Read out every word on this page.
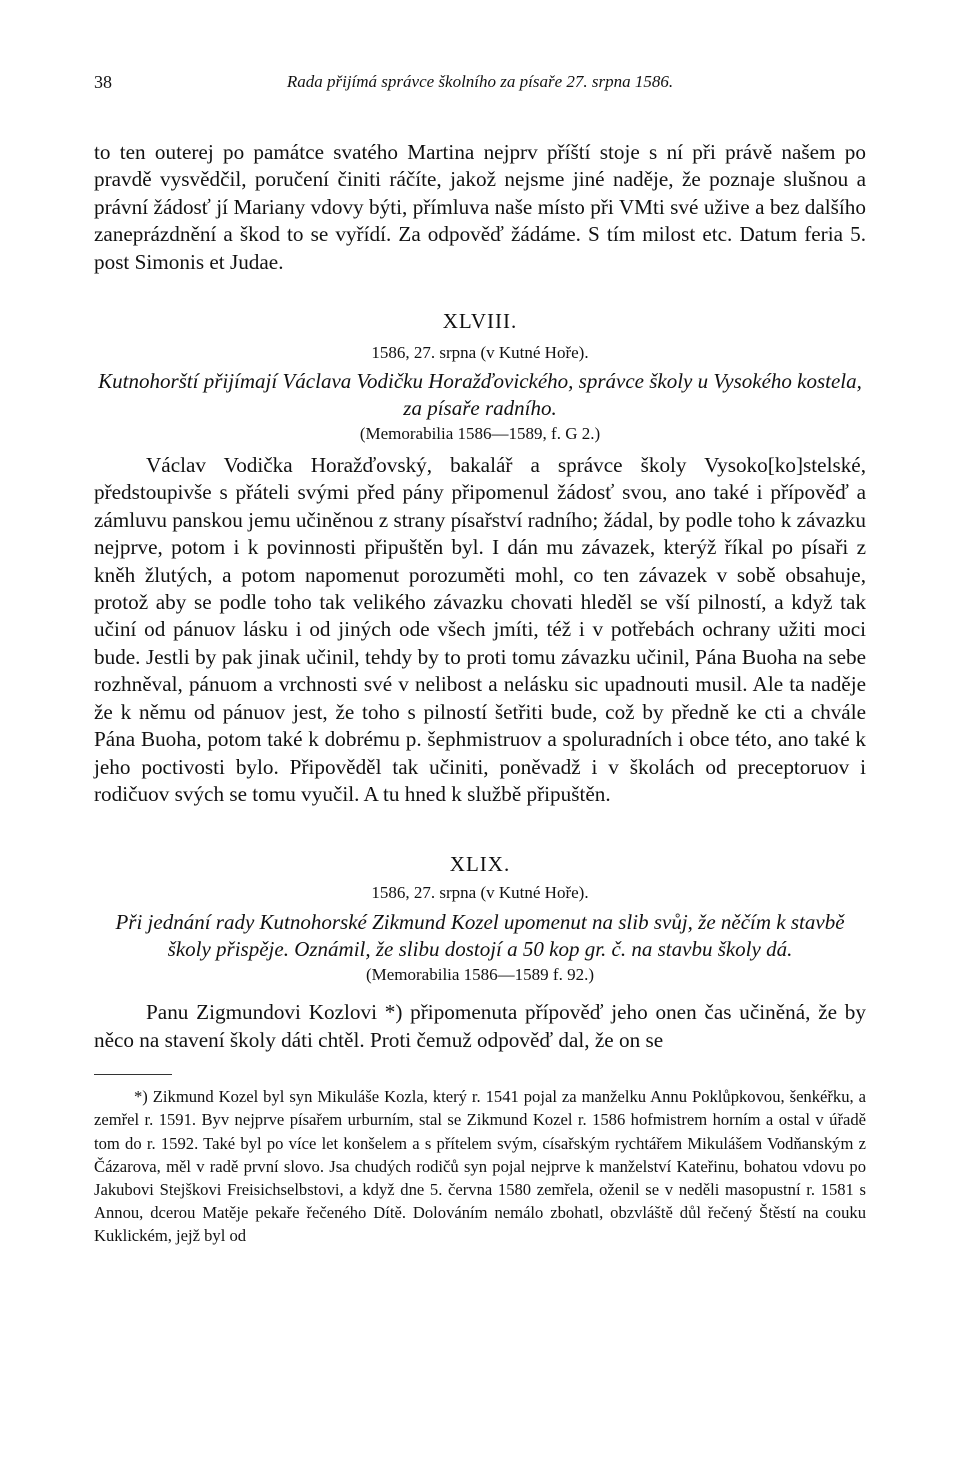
38	Rada přijímá správce školního za písaře 27. srpna 1586.

to ten outerej po památce svatého Martina nejprv příští stoje s ní při právě našem po pravdě vysvědčil, poručení činiti ráčíte, jakož nejsme jiné naděje, že poznaje slušnou a právní žádosť jí Mariany vdovy býti, přímluva naše místo při VMti své užive a bez dalšího zaneprázdnění a škod to se vyřídí. Za odpověď žádáme. S tím milost etc. Datum feria 5. post Simonis et Judae.

XLVIII.

1586, 27. srpna (v Kutné Hoře).

Kutnohorští přijímají Václava Vodičku Horažďovického, správce školy u Vysokého kostela, za písaře radního.

(Memorabilia 1586—1589, f. G 2.)

Václav Vodička Horažďovský, bakalář a správce školy Vysoko[ko]stelské, předstoupivše s přáteli svými před pány připomenul žádosť svou, ano také i přípověď a zámluvu panskou jemu učiněnou z strany písařství radního; žádal, by podle toho k závazku nejprve, potom i k povinnosti připuštěn byl. I dán mu závazek, kterýž říkal po písaři z kněh žlutých, a potom napomenut porozuměti mohl, co ten závazek v sobě obsahuje, protož aby se podle toho tak velikého závazku chovati hleděl se vší pilností, a když tak učiní od pánuov lásku i od jiných ode všech jmíti, též i v potřebách ochrany užiti moci bude. Jestli by pak jinak učinil, tehdy by to proti tomu závazku učinil, Pána Buoha na sebe rozhněval, pánuom a vrchnosti své v nelibost a nelásku sic upadnouti musil. Ale ta naděje že k němu od pánuov jest, že toho s pilností šetřiti bude, což by předně ke cti a chvále Pána Buoha, potom také k dobrému p. šephmistruov a spoluradních i obce této, ano také k jeho poctivosti bylo. Připověděl tak učiniti, poněvadž i v školách od preceptoruov i rodičuov svých se tomu vyučil. A tu hned k službě připuštěn.

XLIX.

1586, 27. srpna (v Kutné Hoře).

Při jednání rady Kutnohorské Zikmund Kozel upomenut na slib svůj, že něčím k stavbě školy přispěje. Oznámil, že slibu dostojí a 50 kop gr. č. na stavbu školy dá.

(Memorabilia 1586—1589 f. 92.)

Panu Zigmundovi Kozlovi *) připomenuta přípověď jeho onen čas učiněná, že by něco na stavení školy dáti chtěl. Proti čemuž odpověď dal, že on se

*) Zikmund Kozel byl syn Mikuláše Kozla, který r. 1541 pojal za manželku Annu Poklůpkovou, šenkéřku, a zemřel r. 1591. Byv nejprve písařem urburním, stal se Zikmund Kozel r. 1586 hofmistrem horním a ostal v úřadě tom do r. 1592. Také byl po více let konšelem a s přítelem svým, císařským rychtářem Mikulášem Vodňanským z Čázarova, měl v radě první slovo. Jsa chudých rodičů syn pojal nejprve k manželství Kateřinu, bohatou vdovu po Jakubovi Stejškovi Freisichselbstovi, a když dne 5. června 1580 zemřela, oženil se v neděli masopustní r. 1581 s Annou, dcerou Matěje pekaře řečeného Dítě. Dolováním nemálo zbohatl, obzvláště důl řečený Štěstí na couku Kuklickém, jejž byl od
